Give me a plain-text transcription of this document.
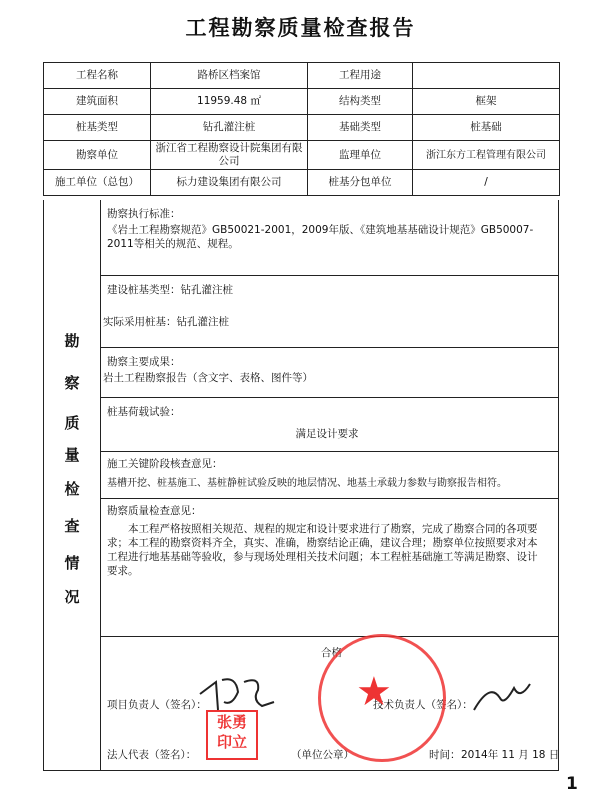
工程勘察质量检查报告
工程名称	路桥区档案馆	工程用途	
建筑面积	11959.48 ㎡	结构类型	框架
桩基类型	钻孔灌注桩	基础类型	桩基础
勘察单位	浙江省工程勘察设计院集团有限公司	监理单位	浙江东方工程管理有限公司
施工单位（总包）	标力建设集团有限公司	桩基分包单位	/
勘
察
质
量
检
查
情
况
勘察执行标准：
《岩土工程勘察规范》GB50021-2001，2009年版、《建筑地基基础设计规范》GB50007-2011等相关的规范、规程。
建设桩基类型：钻孔灌注桩
实际采用桩基：钻孔灌注桩
勘察主要成果：
岩土工程勘察报告（含文字、表格、图件等）
桩基荷载试验：
满足设计要求
施工关键阶段核查意见：
基槽开挖、桩基施工、基桩静桩试验反映的地层情况、地基土承载力参数与勘察报告相符。
勘察质量检查意见：
本工程严格按照相关规范、规程的规定和设计要求进行了勘察，完成了勘察合同的各项要求；本工程的勘察资料齐全，真实、准确，勘察结论正确，建议合理；勘察单位按照要求对本工程进行地基基础等验收，参与现场处理相关技术问题；本工程桩基础施工等满足勘察、设计要求。
合格
项目负责人（签名）：	技术负责人（签名）：
法人代表（签名）：	（单位公章）	时间： 2014年 11 月 18 日
★
张勇
印立
1
